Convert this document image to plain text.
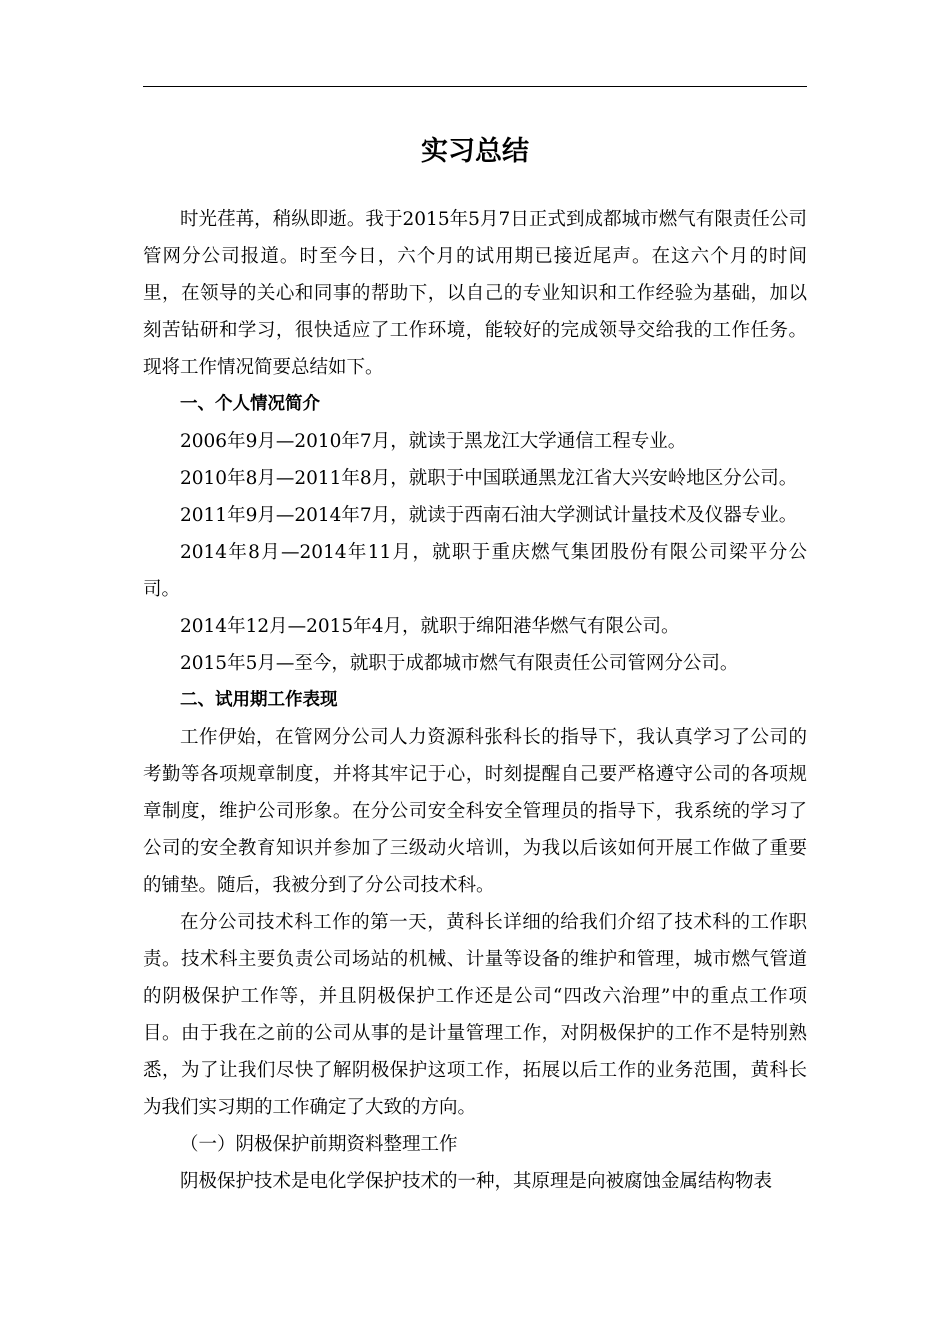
实习总结

时光荏苒，稍纵即逝。我于2015年5月7日正式到成都城市燃气有限责任公司管网分公司报道。时至今日，六个月的试用期已接近尾声。在这六个月的时间里，在领导的关心和同事的帮助下，以自己的专业知识和工作经验为基础，加以刻苦钻研和学习，很快适应了工作环境，能较好的完成领导交给我的工作任务。现将工作情况简要总结如下。

一、个人情况简介

2006年9月—2010年7月，就读于黑龙江大学通信工程专业。

2010年8月—2011年8月，就职于中国联通黑龙江省大兴安岭地区分公司。

2011年9月—2014年7月，就读于西南石油大学测试计量技术及仪器专业。

2014年8月—2014年11月，就职于重庆燃气集团股份有限公司梁平分公司。

2014年12月—2015年4月，就职于绵阳港华燃气有限公司。

2015年5月—至今，就职于成都城市燃气有限责任公司管网分公司。

二、试用期工作表现

工作伊始，在管网分公司人力资源科张科长的指导下，我认真学习了公司的考勤等各项规章制度，并将其牢记于心，时刻提醒自己要严格遵守公司的各项规章制度，维护公司形象。在分公司安全科安全管理员的指导下，我系统的学习了公司的安全教育知识并参加了三级动火培训，为我以后该如何开展工作做了重要的铺垫。随后，我被分到了分公司技术科。

在分公司技术科工作的第一天，黄科长详细的给我们介绍了技术科的工作职责。技术科主要负责公司场站的机械、计量等设备的维护和管理，城市燃气管道的阴极保护工作等，并且阴极保护工作还是公司“四改六治理”中的重点工作项目。由于我在之前的公司从事的是计量管理工作，对阴极保护的工作不是特别熟悉，为了让我们尽快了解阴极保护这项工作，拓展以后工作的业务范围，黄科长为我们实习期的工作确定了大致的方向。

（一）阴极保护前期资料整理工作

阴极保护技术是电化学保护技术的一种，其原理是向被腐蚀金属结构物表
